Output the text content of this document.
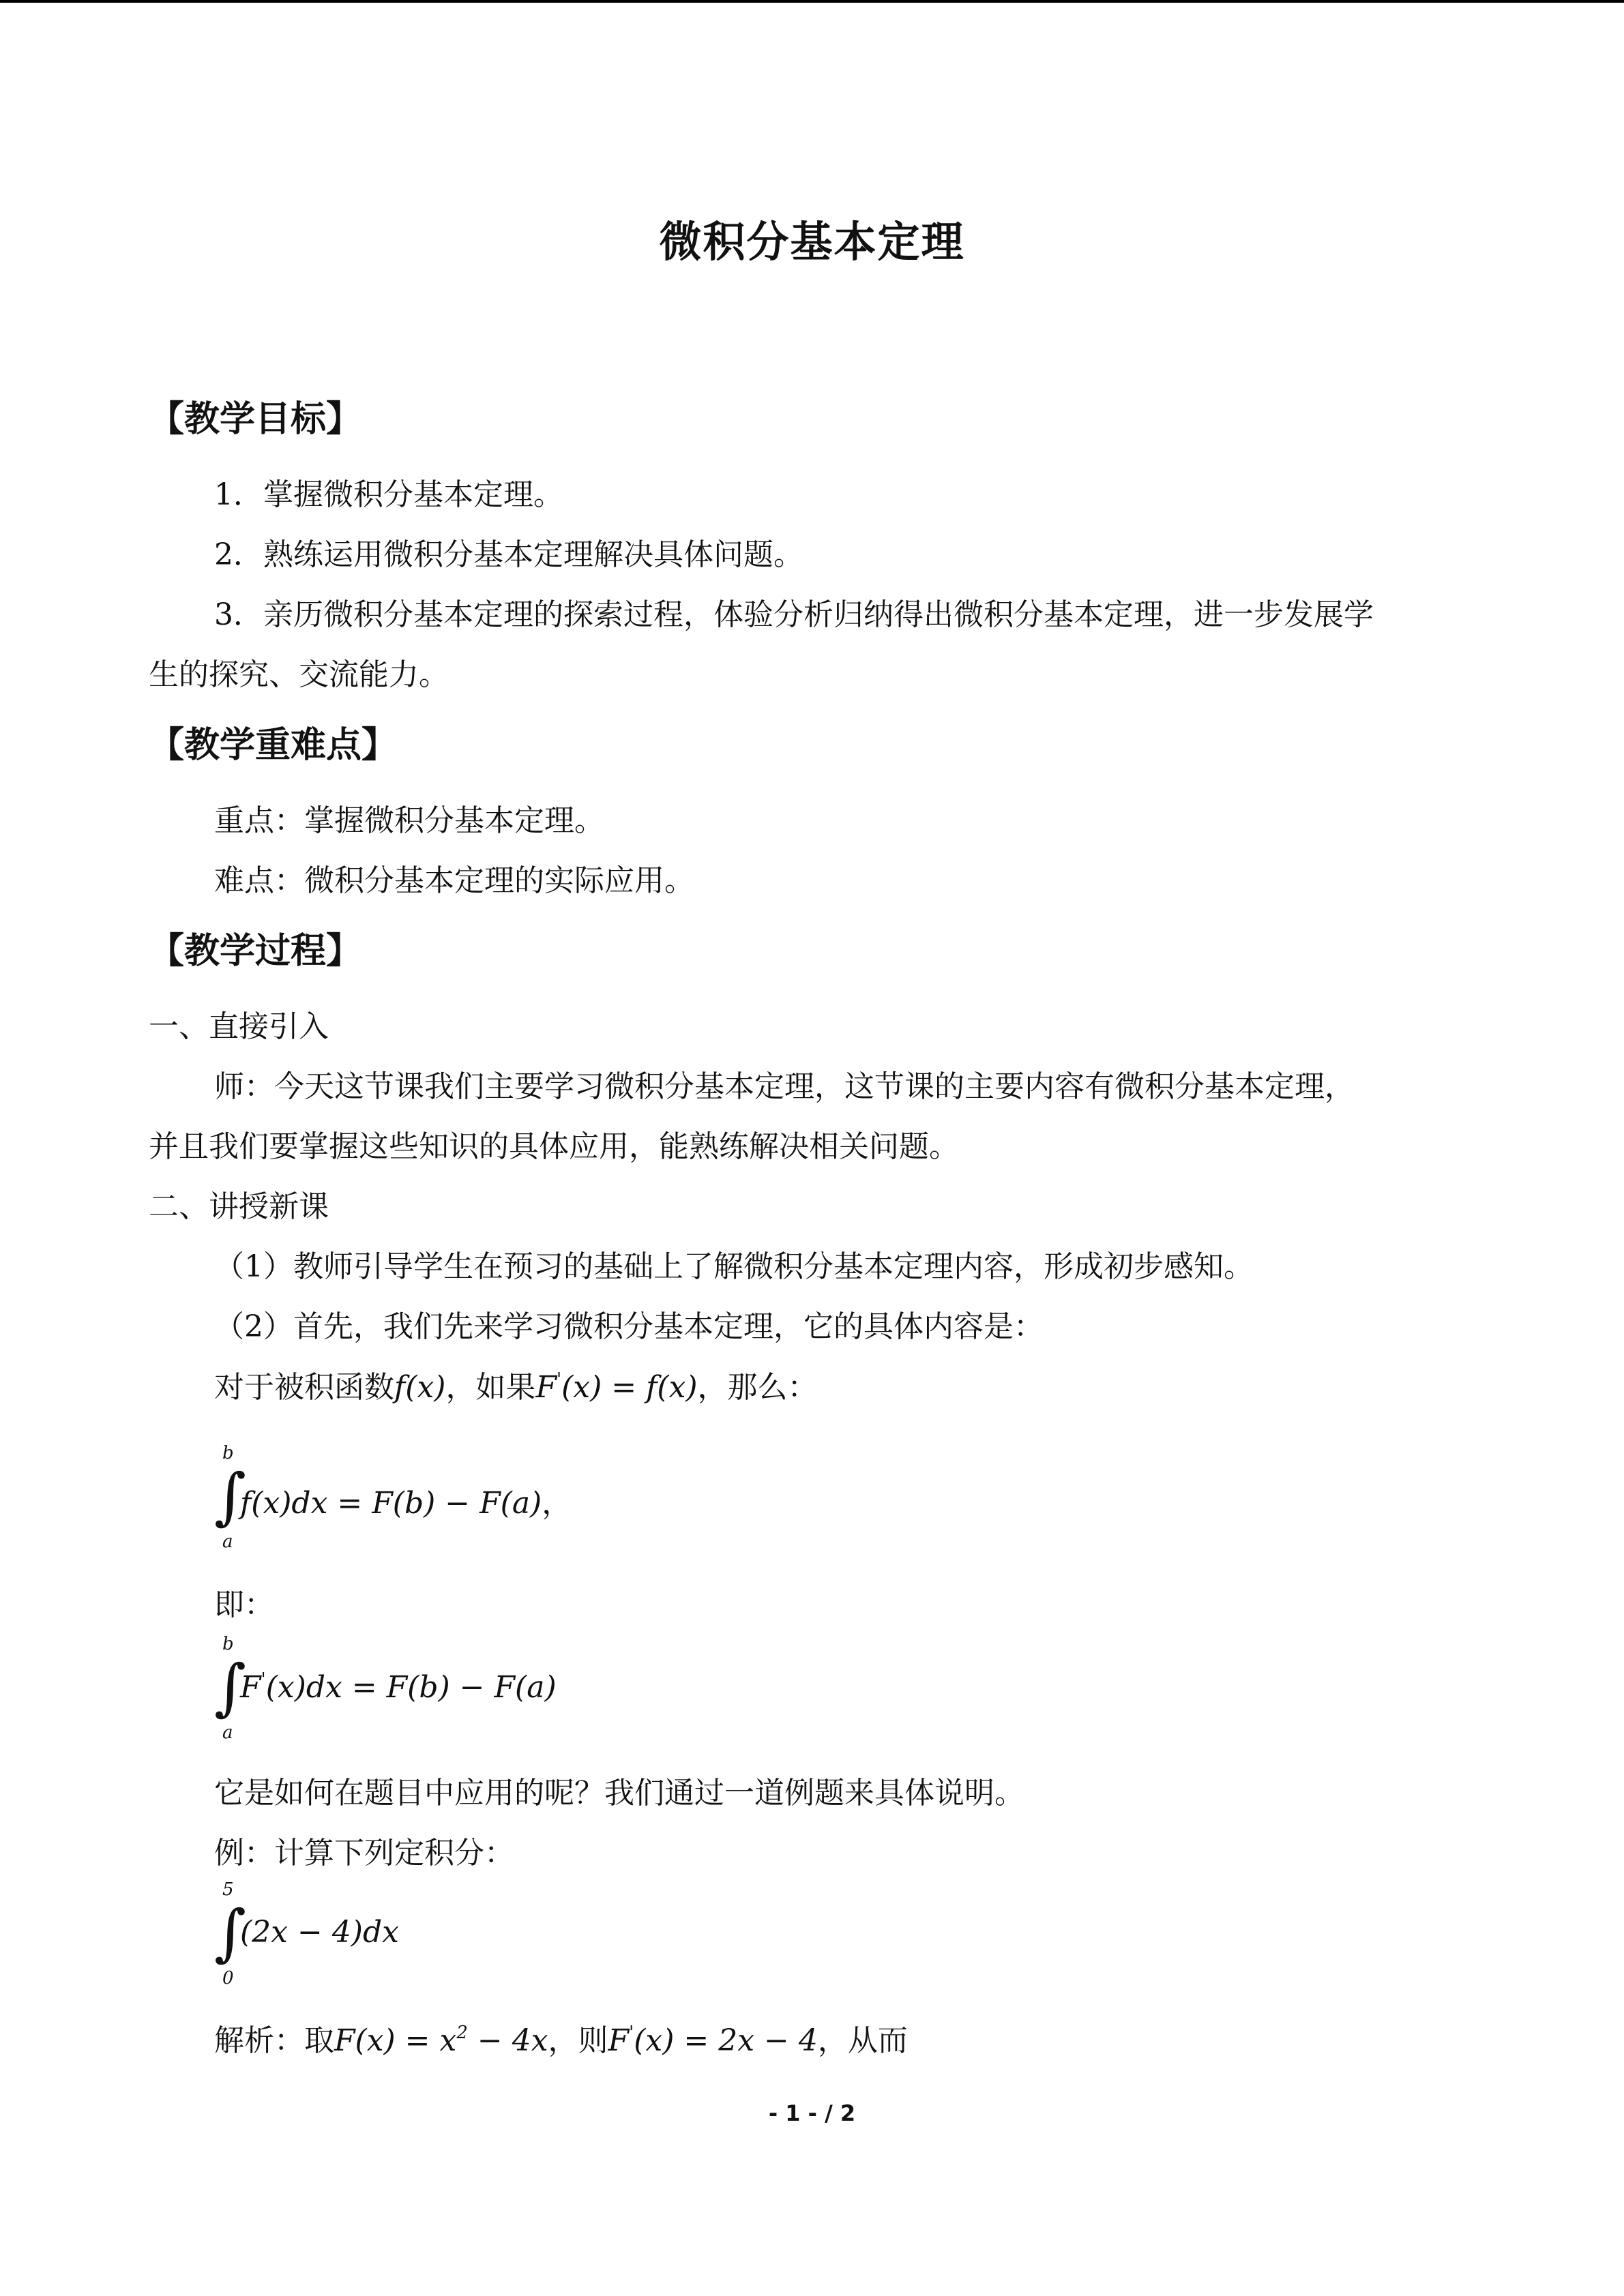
微积分基本定理
【教学目标】
1．掌握微积分基本定理。
2．熟练运用微积分基本定理解决具体问题。
3．亲历微积分基本定理的探索过程，体验分析归纳得出微积分基本定理，进一步发展学
生的探究、交流能力。
【教学重难点】
重点：掌握微积分基本定理。
难点：微积分基本定理的实际应用。
【教学过程】
一、直接引入
师：今天这节课我们主要学习微积分基本定理，这节课的主要内容有微积分基本定理，
并且我们要掌握这些知识的具体应用，能熟练解决相关问题。
二、讲授新课
（1）教师引导学生在预习的基础上了解微积分基本定理内容，形成初步感知。
（2）首先，我们先来学习微积分基本定理，它的具体内容是：
对于被积函数f(x)，如果F'(x) = f(x)，那么：
∫
b
a
f(x)dx = F(b) − F(a)，
即：
∫
b
a
F'(x)dx = F(b) − F(a)
它是如何在题目中应用的呢？我们通过一道例题来具体说明。
例：计算下列定积分：
∫
5
0
(2x − 4)dx
解析：取$F(x) = x^2 - 4x$，则F'(x) = 2x − 4，从而
- 1 - / 2
